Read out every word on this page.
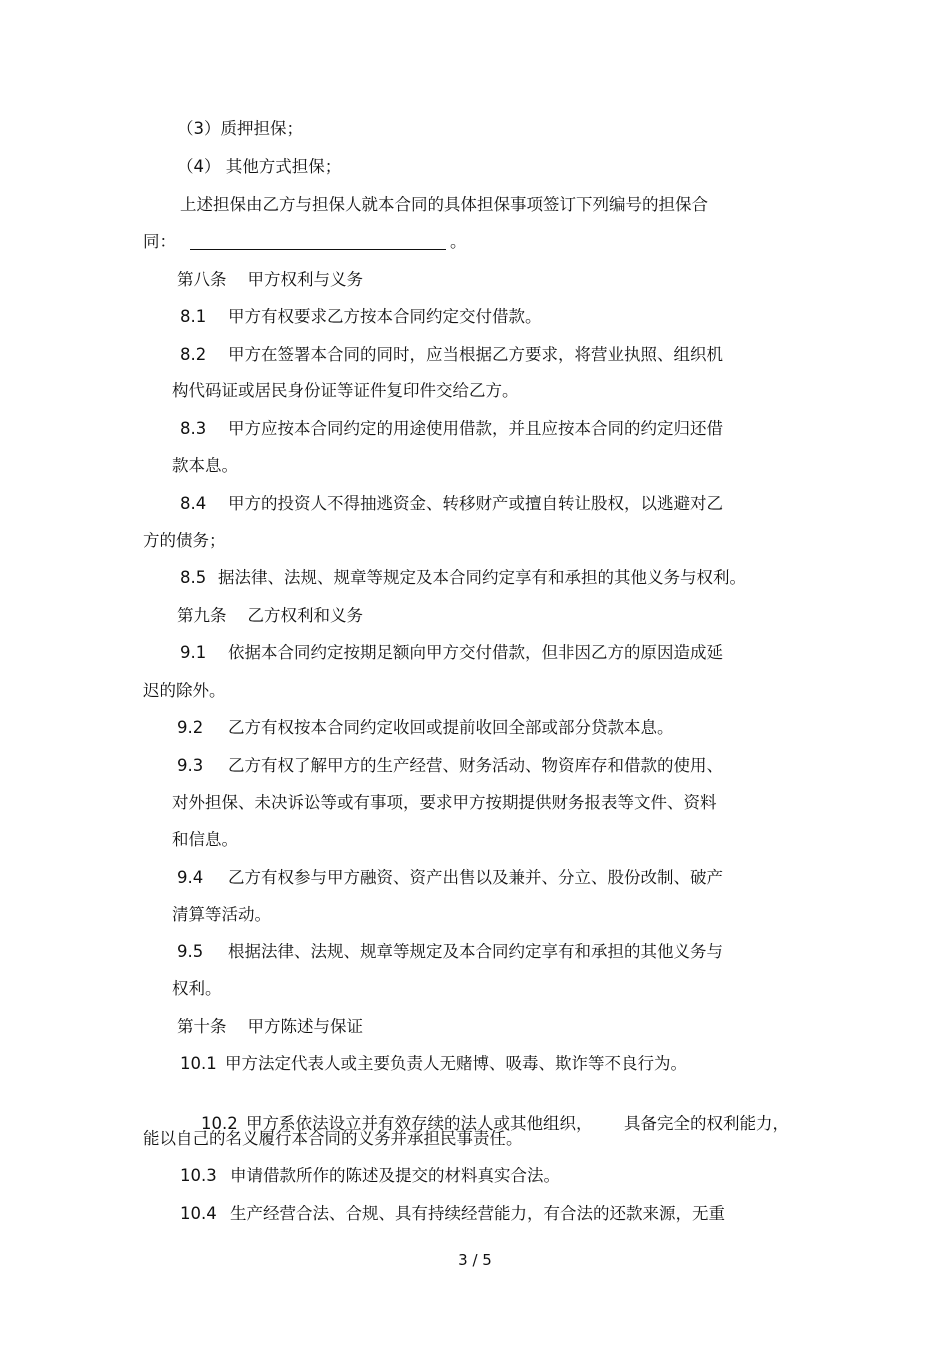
（3）质押担保；
（4） 其他方式担保；
上述担保由乙方与担保人就本合同的具体担保事项签订下列编号的担保合
同：	。
第八条    甲方权利与义务
8.1 甲方有权要求乙方按本合同约定交付借款。
8.2 甲方在签署本合同的同时，应当根据乙方要求，将营业执照、组织机
构代码证或居民身份证等证件复印件交给乙方。
8.3 甲方应按本合同约定的用途使用借款，并且应按本合同的约定归还借
款本息。
8.4 甲方的投资人不得抽逃资金、转移财产或擅自转让股权，以逃避对乙
方的债务；
8.5 据法律、法规、规章等规定及本合同约定享有和承担的其他义务与权利。
第九条    乙方权利和义务
9.1 依据本合同约定按期足额向甲方交付借款，但非因乙方的原因造成延
迟的除外。
9.2 乙方有权按本合同约定收回或提前收回全部或部分贷款本息。
9.3 乙方有权了解甲方的生产经营、财务活动、物资库存和借款的使用、
对外担保、未决诉讼等或有事项，要求甲方按期提供财务报表等文件、资料
和信息。
9.4 乙方有权参与甲方融资、资产出售以及兼并、分立、股份改制、破产
清算等活动。
9.5 根据法律、法规、规章等规定及本合同约定享有和承担的其他义务与
权利。
第十条    甲方陈述与保证
10.1 甲方法定代表人或主要负责人无赌博、吸毒、欺诈等不良行为。

10.2 甲方系依法设立并有效存续的法人或其他组织，      具备完全的权利能力，

能以自己的名义履行本合同的义务并承担民事责任。
10.3 申请借款所作的陈述及提交的材料真实合法。
10.4 生产经营合法、合规、具有持续经营能力，有合法的还款来源，无重
3 / 5
